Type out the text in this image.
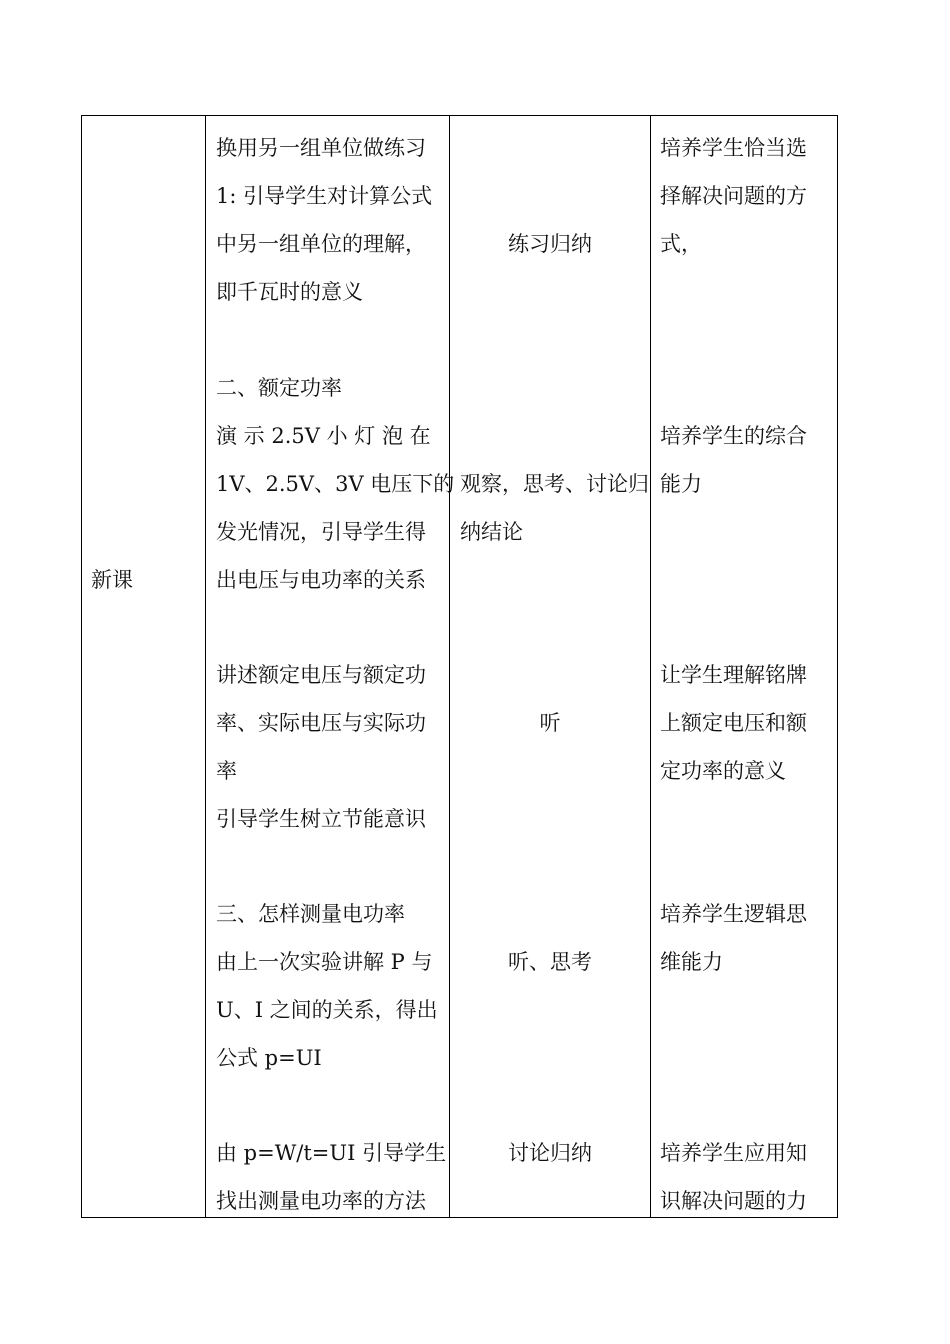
新课
换用另一组单位做练习
1: 引导学生对计算公式
中另一组单位的理解，
即千瓦时的意义
练习归纳
培养学生恰当选
择解决问题的方
式，
二、额定功率
演 示 2.5V 小 灯 泡 在
1V、2.5V、3V 电压下的
发光情况，引导学生得
出电压与电功率的关系
观察，思考、讨论归
纳结论
培养学生的综合
能力
讲述额定电压与额定功
率、实际电压与实际功
率
引导学生树立节能意识
听
让学生理解铭牌
上额定电压和额
定功率的意义
三、怎样测量电功率
由上一次实验讲解 P 与
U、I 之间的关系，得出
公式 p=UI
听、思考
培养学生逻辑思
维能力
由 p=W/t=UI 引导学生
找出测量电功率的方法
讨论归纳	培养学生应用知
识解决问题的力
